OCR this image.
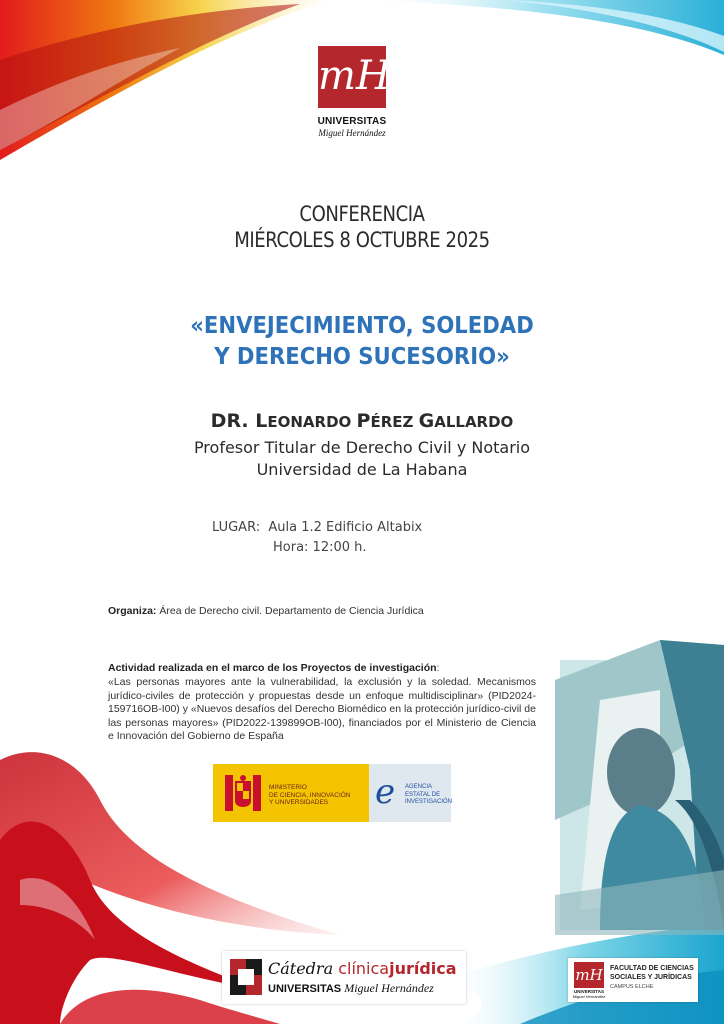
mH
UNIVERSITAS
Miguel Hernández
CONFERENCIA
MIÉRCOLES 8 OCTUBRE 2025
«ENVEJECIMIENTO, SOLEDAD
Y DERECHO SUCESORIO»
DR. LEONARDO PÉREZ GALLARDO
Profesor Titular de Derecho Civil y Notario
Universidad de La Habana
LUGAR: Aula 1.2 Edificio Altabix
Hora: 12:00 h.
Organiza: Área de Derecho civil. Departamento de Ciencia Jurídica
Actividad realizada en el marco de los Proyectos de investigación:
«Las personas mayores ante la vulnerabilidad, la exclusión y la soledad. Mecanismos jurídico-civiles de protección y propuestas desde un enfoque multidisciplinar» (PID2024-159716OB-I00) y «Nuevos desafíos del Derecho Biomédico en la protección jurídico-civil de las personas mayores» (PID2022-139899OB-I00), financiados por el Ministerio de Ciencia e Innovación del Gobierno de España
MINISTERIO
DE CIENCIA, INNOVACIÓN
Y UNIVERSIDADES	e AGENCIA
ESTATAL DE
INVESTIGACIÓN
Cátedra clínicajurídica
UNIVERSITAS Miguel Hernández
mH
UNIVERSITAS
Miguel Hernández
FACULTAD DE CIENCIAS
SOCIALES Y JURÍDICAS
CAMPUS ELCHE
